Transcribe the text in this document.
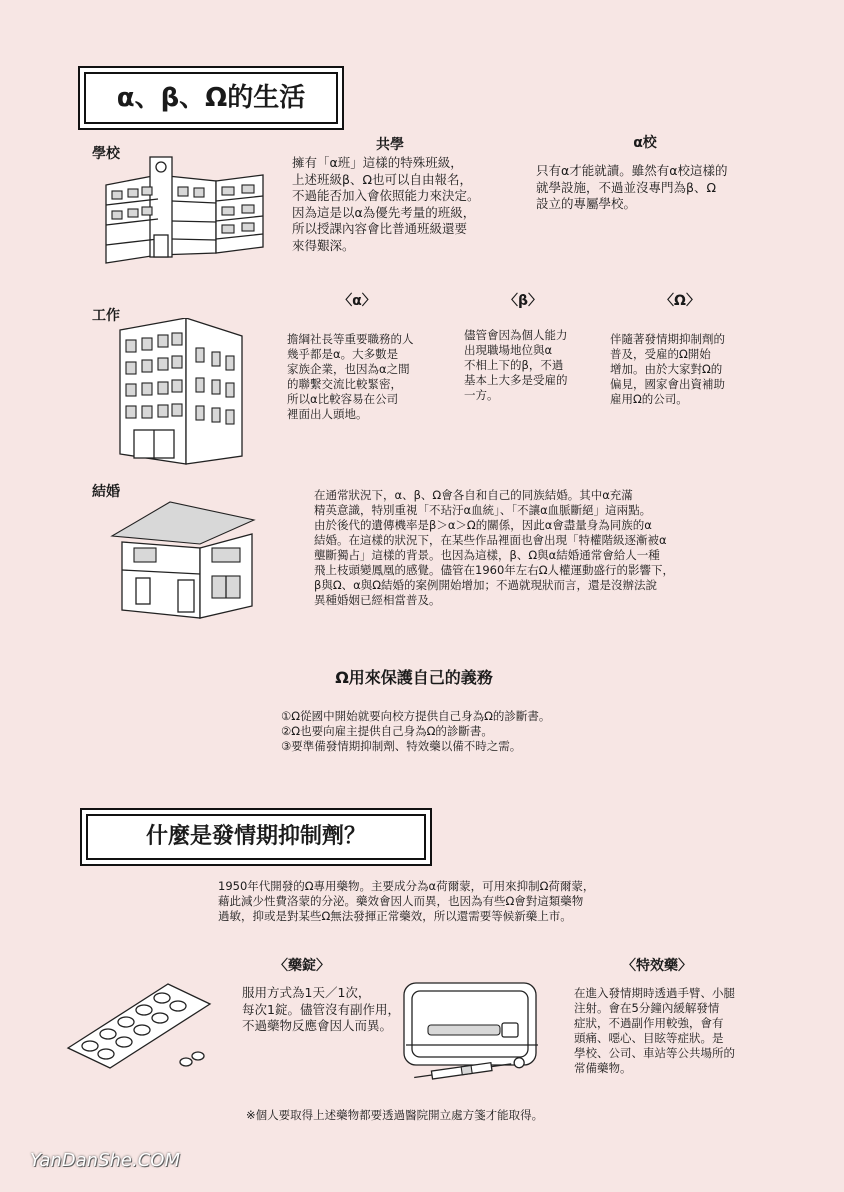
α、β、Ω的生活
學校
共學
擁有「α班」這樣的特殊班級，
上述班級β、Ω也可以自由報名，
不過能否加入會依照能力來決定。
因為這是以α為優先考量的班級，
所以授課內容會比普通班級還要
來得艱深。
α校
只有α才能就讀。雖然有α校這樣的
就學設施，不過並沒專門為β、Ω
設立的專屬學校。
工作
〈α〉
擔綱社長等重要職務的人
幾乎都是α。大多數是
家族企業，也因為α之間
的聯繫交流比較緊密，
所以α比較容易在公司
裡面出人頭地。
〈β〉
儘管會因為個人能力
出現職場地位與α
不相上下的β，不過
基本上大多是受雇的
一方。
〈Ω〉
伴隨著發情期抑制劑的
普及，受雇的Ω開始
增加。由於大家對Ω的
偏見，國家會出資補助
雇用Ω的公司。
結婚	在通常狀況下，α、β、Ω會各自和自己的同族結婚。其中α充滿
精英意識，特別重視「不玷汙α血統」、「不讓α血脈斷絕」這兩點。
由於後代的遺傳機率是β＞α＞Ω的關係，因此α會盡量身為同族的α
結婚。在這樣的狀況下，在某些作品裡面也會出現「特權階級逐漸被α
壟斷獨占」這樣的背景。也因為這樣，β、Ω與α結婚通常會給人一種
飛上枝頭變鳳凰的感覺。儘管在1960年左右Ω人權運動盛行的影響下，
β與Ω、α與Ω結婚的案例開始增加；不過就現狀而言，還是沒辦法說
異種婚姻已經相當普及。
Ω用來保護自己的義務
①Ω從國中開始就要向校方提供自己身為Ω的診斷書。
②Ω也要向雇主提供自己身為Ω的診斷書。
③要準備發情期抑制劑、特效藥以備不時之需。
什麼是發情期抑制劑？
1950年代開發的Ω專用藥物。主要成分為α荷爾蒙，可用來抑制Ω荷爾蒙，
藉此減少性費洛蒙的分泌。藥效會因人而異，也因為有些Ω會對這類藥物
過敏，抑或是對某些Ω無法發揮正常藥效，所以還需要等候新藥上市。
〈藥錠〉
服用方式為1天／1次，
每次1錠。儘管沒有副作用，
不過藥物反應會因人而異。
〈特效藥〉
在進入發情期時透過手臂、小腿
注射。會在5分鐘內緩解發情
症狀，不過副作用較強，會有
頭痛、噁心、目眩等症狀。是
學校、公司、車站等公共場所的
常備藥物。
※個人要取得上述藥物都要透過醫院開立處方箋才能取得。
YanDanShe.COM
